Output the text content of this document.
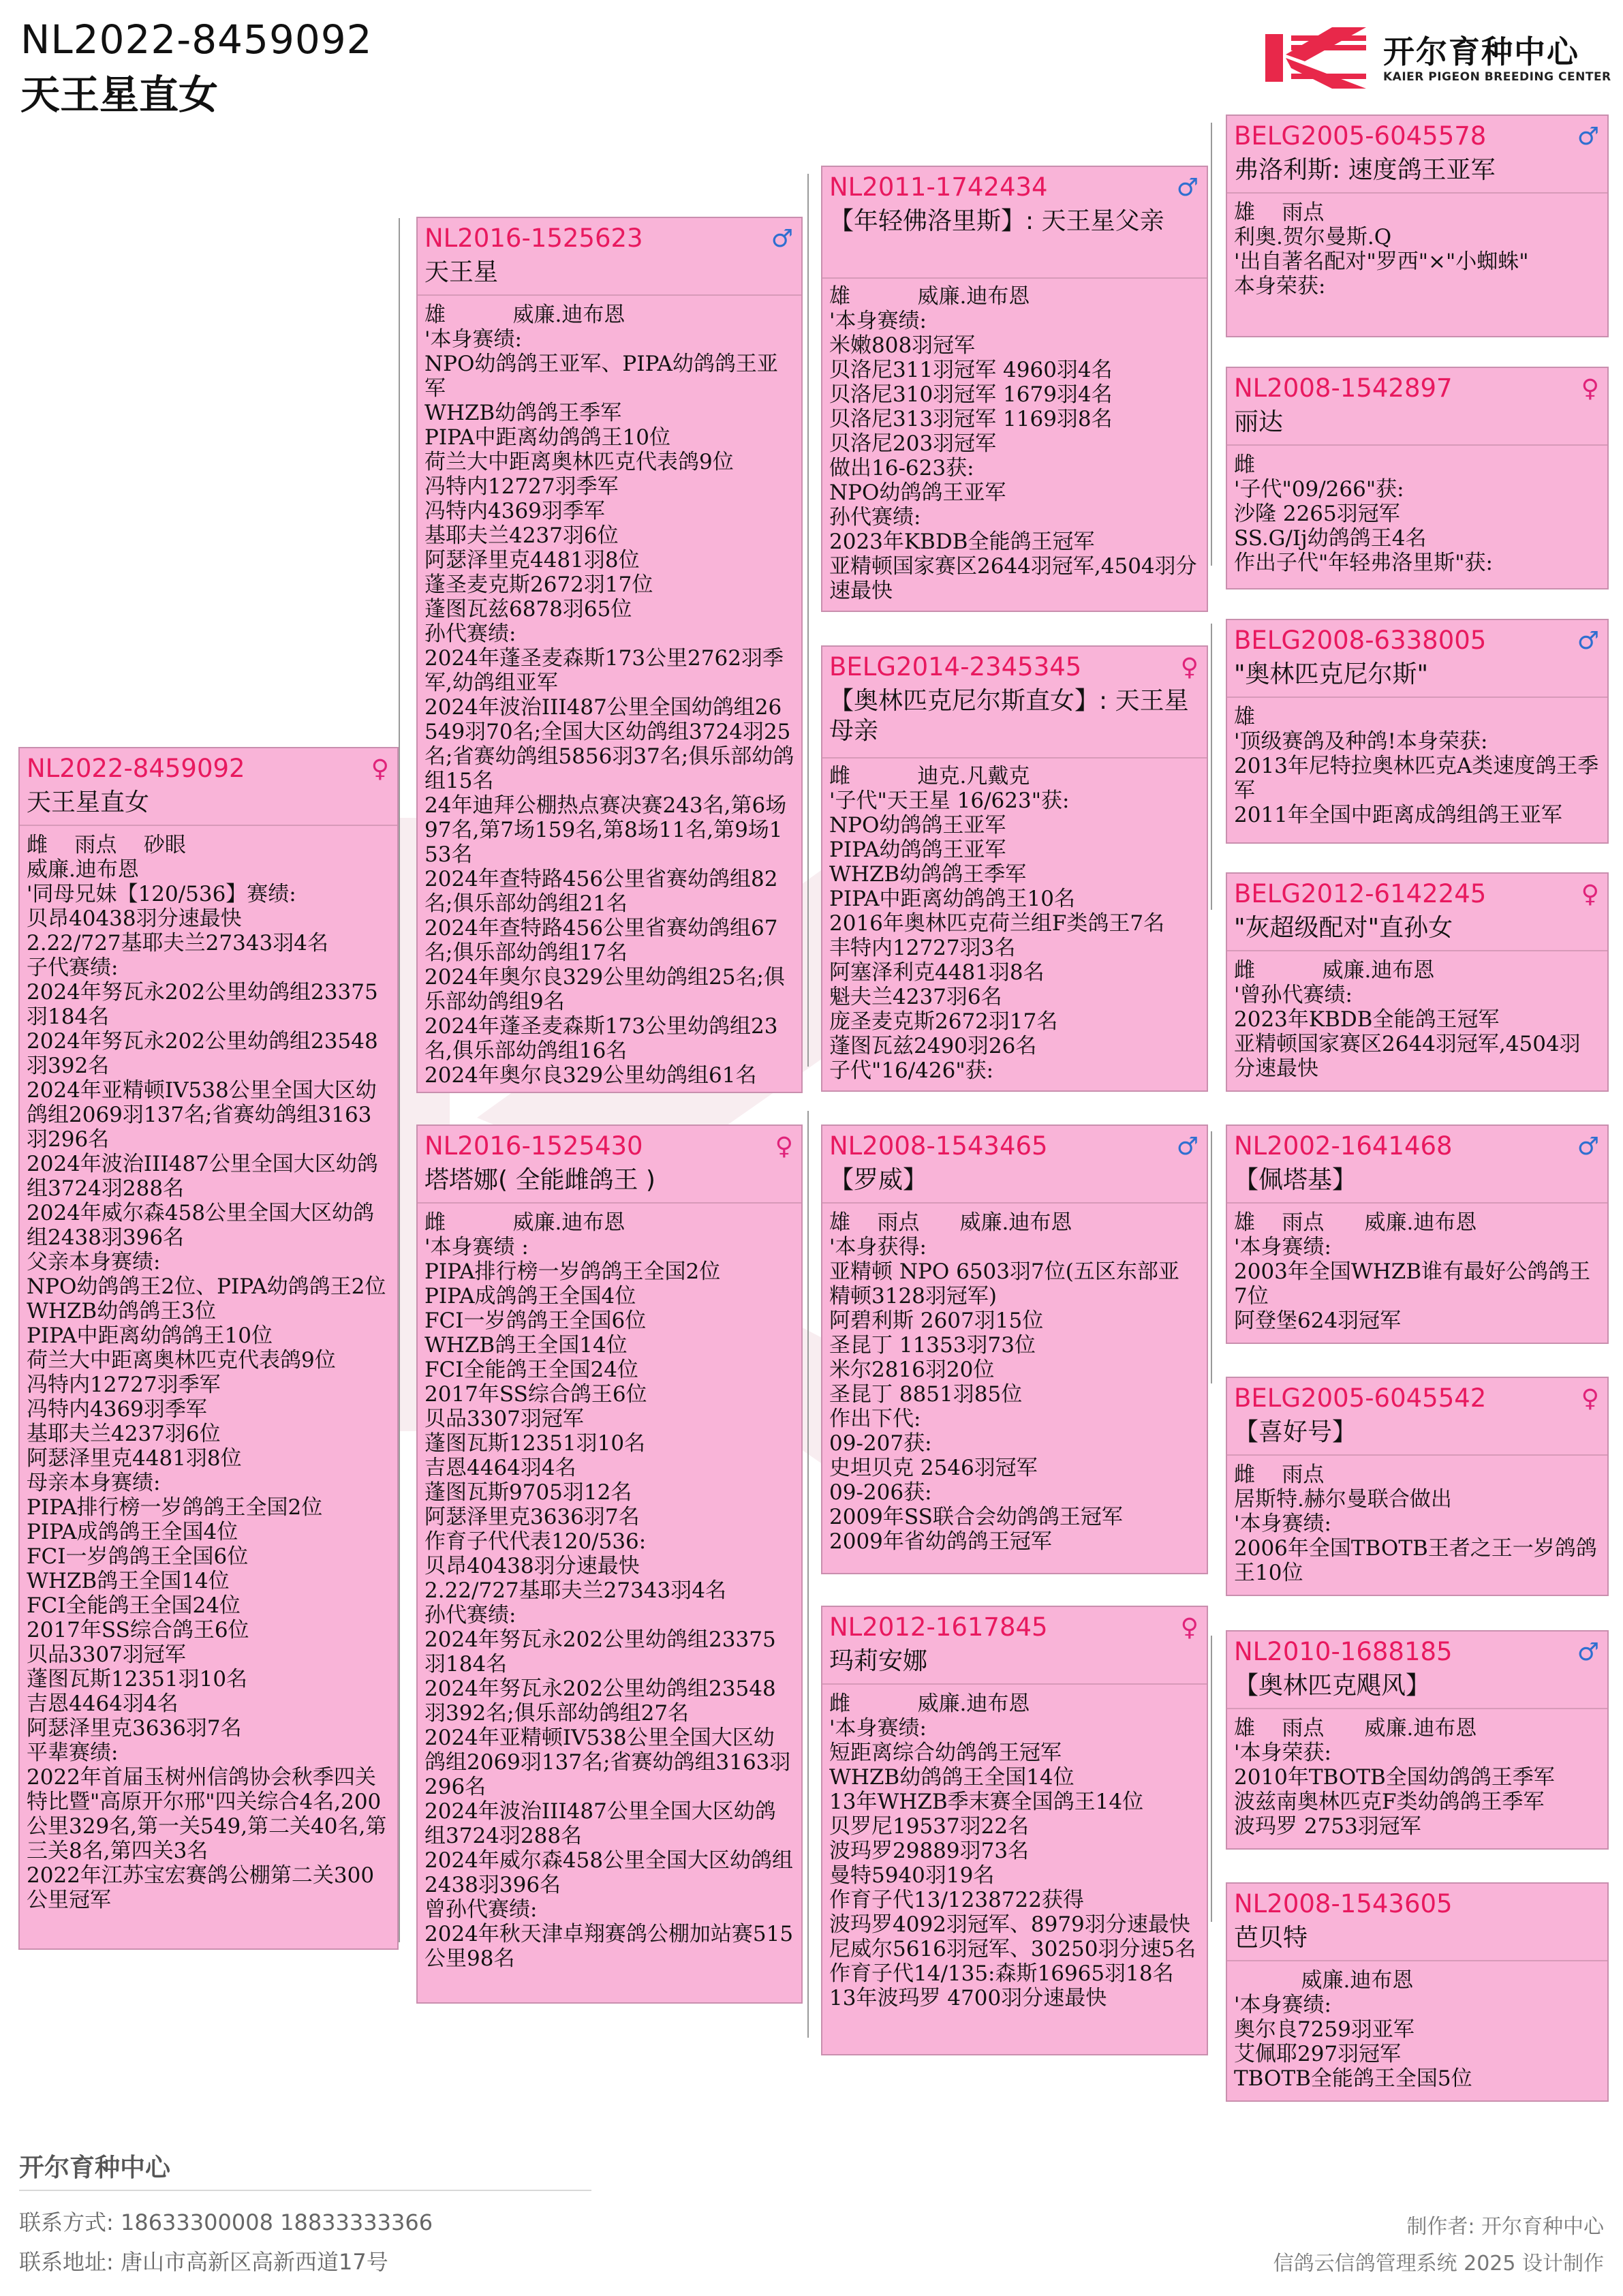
NL2022-8459092
天王星直女
开尔育种中心
KAIER PIGEON BREEDING CENTER
NL2022-8459092	♀
天王星直女
雌    雨点    砂眼
威廉.迪布恩
'同母兄妹【120/536】赛绩:
贝昂40438羽分速最快
2.22/727基耶夫兰27343羽4名
子代赛绩:
2024年努瓦永202公里幼鸽组23375羽184名
2024年努瓦永202公里幼鸽组23548羽392名
2024年亚精顿IV538公里全国大区幼鸽组2069羽137名;省赛幼鸽组3163羽296名
2024年波治III487公里全国大区幼鸽组3724羽288名
2024年威尔森458公里全国大区幼鸽组2438羽396名
父亲本身赛绩:
NPO幼鸽鸽王2位、PIPA幼鸽鸽王2位
WHZB幼鸽鸽王3位
PIPA中距离幼鸽鸽王10位
荷兰大中距离奥林匹克代表鸽9位
冯特内12727羽季军
冯特内4369羽季军
基耶夫兰4237羽6位
阿瑟泽里克4481羽8位
母亲本身赛绩:
PIPA排行榜一岁鸽鸽王全国2位
PIPA成鸽鸽王全国4位
FCI一岁鸽鸽王全国6位
WHZB鸽王全国14位
FCI全能鸽王全国24位
2017年SS综合鸽王6位
贝品3307羽冠军
蓬图瓦斯12351羽10名
吉恩4464羽4名
阿瑟泽里克3636羽7名
平辈赛绩:
2022年首届玉树州信鸽协会秋季四关特比暨"高原开尔邢"四关综合4名,200公里329名,第一关549,第二关40名,第三关8名,第四关3名
2022年江苏宝宏赛鸽公棚第二关300公里冠军
NL2016-1525623	♂
天王星
雄          威廉.迪布恩
'本身赛绩:
NPO幼鸽鸽王亚军、PIPA幼鸽鸽王亚军
WHZB幼鸽鸽王季军
PIPA中距离幼鸽鸽王10位
荷兰大中距离奥林匹克代表鸽9位
冯特内12727羽季军
冯特内4369羽季军
基耶夫兰4237羽6位
阿瑟泽里克4481羽8位
蓬圣麦克斯2672羽17位
蓬图瓦兹6878羽65位
孙代赛绩:
2024年蓬圣麦森斯173公里2762羽季军,幼鸽组亚军
2024年波治III487公里全国幼鸽组26549羽70名;全国大区幼鸽组3724羽25名;省赛幼鸽组5856羽37名;俱乐部幼鸽组15名
24年迪拜公棚热点赛决赛243名,第6场97名,第7场159名,第8场11名,第9场153名
2024年查特路456公里省赛幼鸽组82名;俱乐部幼鸽组21名
2024年查特路456公里省赛幼鸽组67名;俱乐部幼鸽组17名
2024年奥尔良329公里幼鸽组25名;俱乐部幼鸽组9名
2024年蓬圣麦森斯173公里幼鸽组23名,俱乐部幼鸽组16名
2024年奥尔良329公里幼鸽组61名
NL2016-1525430	♀
塔塔娜( 全能雌鸽王 )
雌          威廉.迪布恩
'本身赛绩 :
PIPA排行榜一岁鸽鸽王全国2位
PIPA成鸽鸽王全国4位
FCI一岁鸽鸽王全国6位
WHZB鸽王全国14位
FCI全能鸽王全国24位
2017年SS综合鸽王6位
贝品3307羽冠军
蓬图瓦斯12351羽10名
吉恩4464羽4名
蓬图瓦斯9705羽12名
阿瑟泽里克3636羽7名
作育子代代表120/536:
贝昂40438羽分速最快
2.22/727基耶夫兰27343羽4名
孙代赛绩:
2024年努瓦永202公里幼鸽组23375羽184名
2024年努瓦永202公里幼鸽组23548羽392名;俱乐部幼鸽组27名
2024年亚精顿IV538公里全国大区幼鸽组2069羽137名;省赛幼鸽组3163羽296名
2024年波治III487公里全国大区幼鸽组3724羽288名
2024年威尔森458公里全国大区幼鸽组2438羽396名
曾孙代赛绩:
2024年秋天津卓翔赛鸽公棚加站赛515公里98名
NL2011-1742434	♂
【年轻佛洛里斯】: 天王星父亲
雄          威廉.迪布恩
'本身赛绩:
米嫩808羽冠军
贝洛尼311羽冠军 4960羽4名
贝洛尼310羽冠军 1679羽4名
贝洛尼313羽冠军 1169羽8名
贝洛尼203羽冠军
做出16-623获:
NPO幼鸽鸽王亚军
孙代赛绩:
2023年KBDB全能鸽王冠军
亚精顿国家赛区2644羽冠军,4504羽分速最快
BELG2014-2345345	♀
【奥林匹克尼尔斯直女】: 天王星母亲
雌          迪克.凡戴克
'子代"天王星 16/623"获:
NPO幼鸽鸽王亚军
PIPA幼鸽鸽王亚军
WHZB幼鸽鸽王季军
PIPA中距离幼鸽鸽王10名
2016年奥林匹克荷兰组F类鸽王7名
丰特内12727羽3名
阿塞泽利克4481羽8名
魁夫兰4237羽6名
庞圣麦克斯2672羽17名
蓬图瓦兹2490羽26名
子代"16/426"获:
NL2008-1543465	♂
【罗威】
雄    雨点      威廉.迪布恩
'本身获得:
亚精顿 NPO 6503羽7位(五区东部亚精顿3128羽冠军)
阿碧利斯 2607羽15位
圣昆丁 11353羽73位
米尔2816羽20位
圣昆丁 8851羽85位
作出下代:
09-207获:
史坦贝克 2546羽冠军
09-206获:
2009年SS联合会幼鸽鸽王冠军
2009年省幼鸽鸽王冠军
NL2012-1617845	♀
玛莉安娜
雌          威廉.迪布恩
'本身赛绩:
短距离综合幼鸽鸽王冠军
WHZB幼鸽鸽王全国14位
13年WHZB季末赛全国鸽王14位
贝罗尼19537羽22名
波玛罗29889羽73名
曼特5940羽19名
作育子代13/1238722获得
波玛罗4092羽冠军、8979羽分速最快
尼威尔5616羽冠军、30250羽分速5名
作育子代14/135:森斯16965羽18名
13年波玛罗 4700羽分速最快
BELG2005-6045578	♂
弗洛利斯: 速度鸽王亚军
雄    雨点
利奥.贺尔曼斯.Q
'出自著名配对"罗西"×"小蜘蛛"
本身荣获:
NL2008-1542897	♀
丽达
雌
'子代"09/266"获:
沙隆 2265羽冠军
SS.G/Ij幼鸽鸽王4名
作出子代"年轻弗洛里斯"获:
BELG2008-6338005	♂
"奥林匹克尼尔斯"
雄
'顶级赛鸽及种鸽!本身荣获:
2013年尼特拉奥林匹克A类速度鸽王季军
2011年全国中距离成鸽组鸽王亚军
BELG2012-6142245	♀
"灰超级配对"直孙女
雌          威廉.迪布恩
'曾孙代赛绩:
2023年KBDB全能鸽王冠军
亚精顿国家赛区2644羽冠军,4504羽分速最快
NL2002-1641468	♂
【佩塔基】
雄    雨点      威廉.迪布恩
'本身赛绩:
2003年全国WHZB谁有最好公鸽鸽王7位
阿登堡624羽冠军
BELG2005-6045542	♀
【喜好号】
雌    雨点
居斯特.赫尔曼联合做出
'本身赛绩:
2006年全国TBOTB王者之王一岁鸽鸽王10位
NL2010-1688185	♂
【奥林匹克飓风】
雄    雨点      威廉.迪布恩
'本身荣获:
2010年TBOTB全国幼鸽鸽王季军
波兹南奥林匹克F类幼鸽鸽王季军
波玛罗 2753羽冠军
NL2008-1543605
芭贝特
威廉.迪布恩
'本身赛绩:
奥尔良7259羽亚军
艾佩耶297羽冠军
TBOTB全能鸽王全国5位
开尔育种中心
联系方式: 18633300008 18833333366
联系地址: 唐山市高新区高新西道17号
制作者: 开尔育种中心
信鸽云信鸽管理系统 2025 设计制作
